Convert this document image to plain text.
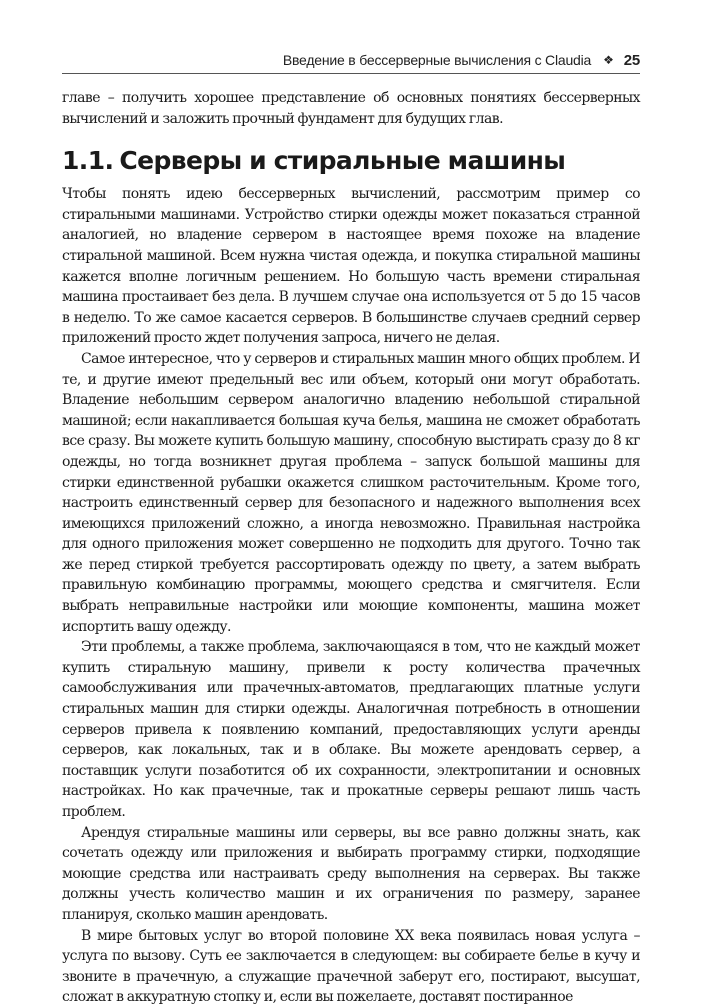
Введение в бессерверные вычисления с Claudia ❖ 25

главе – получить хорошее представление об основных понятиях бессерверных вычислений и заложить прочный фундамент для будущих глав.

1.1. Серверы и стиральные машины

Чтобы понять идею бессерверных вычислений, рассмотрим пример со стиральными машинами. Устройство стирки одежды может показаться странной аналогией, но владение сервером в настоящее время похоже на владение стиральной машиной. Всем нужна чистая одежда, и покупка стиральной машины кажется вполне логичным решением. Но большую часть времени стиральная машина простаивает без дела. В лучшем случае она используется от 5 до 15 часов в неделю. То же самое касается серверов. В большинстве случаев средний сервер приложений просто ждет получения запроса, ничего не делая.

Самое интересное, что у серверов и стиральных машин много общих проблем. И те, и другие имеют предельный вес или объем, который они могут обработать. Владение небольшим сервером аналогично владению небольшой стиральной машиной; если накапливается большая куча белья, машина не сможет обработать все сразу. Вы можете купить большую машину, способную выстирать сразу до 8 кг одежды, но тогда возникнет другая проблема – запуск большой машины для стирки единственной рубашки окажется слишком расточительным. Кроме того, настроить единственный сервер для безопасного и надежного выполнения всех имеющихся приложений сложно, а иногда невозможно. Правильная настройка для одного приложения может совершенно не подходить для другого. Точно так же перед стиркой требуется рассортировать одежду по цвету, а затем выбрать правильную комбинацию программы, моющего средства и смягчителя. Если выбрать неправильные настройки или моющие компоненты, машина может испортить вашу одежду.

Эти проблемы, а также проблема, заключающаяся в том, что не каждый может купить стиральную машину, привели к росту количества прачечных самообслуживания или прачечных-автоматов, предлагающих платные услуги стиральных машин для стирки одежды. Аналогичная потребность в отношении серверов привела к появлению компаний, предоставляющих услуги аренды серверов, как локальных, так и в облаке. Вы можете арендовать сервер, а поставщик услуги позаботится об их сохранности, электропитании и основных настройках. Но как прачечные, так и прокатные серверы решают лишь часть проблем.

Арендуя стиральные машины или серверы, вы все равно должны знать, как сочетать одежду или приложения и выбирать программу стирки, подходящие моющие средства или настраивать среду выполнения на серверах. Вы также должны учесть количество машин и их ограничения по размеру, заранее планируя, сколько машин арендовать.

В мире бытовых услуг во второй половине XX века появилась новая услуга – услуга по вызову. Суть ее заключается в следующем: вы собираете белье в кучу и звоните в прачечную, а служащие прачечной заберут его, постирают, высушат, сложат в аккуратную стопку и, если вы пожелаете, доставят постиранное
